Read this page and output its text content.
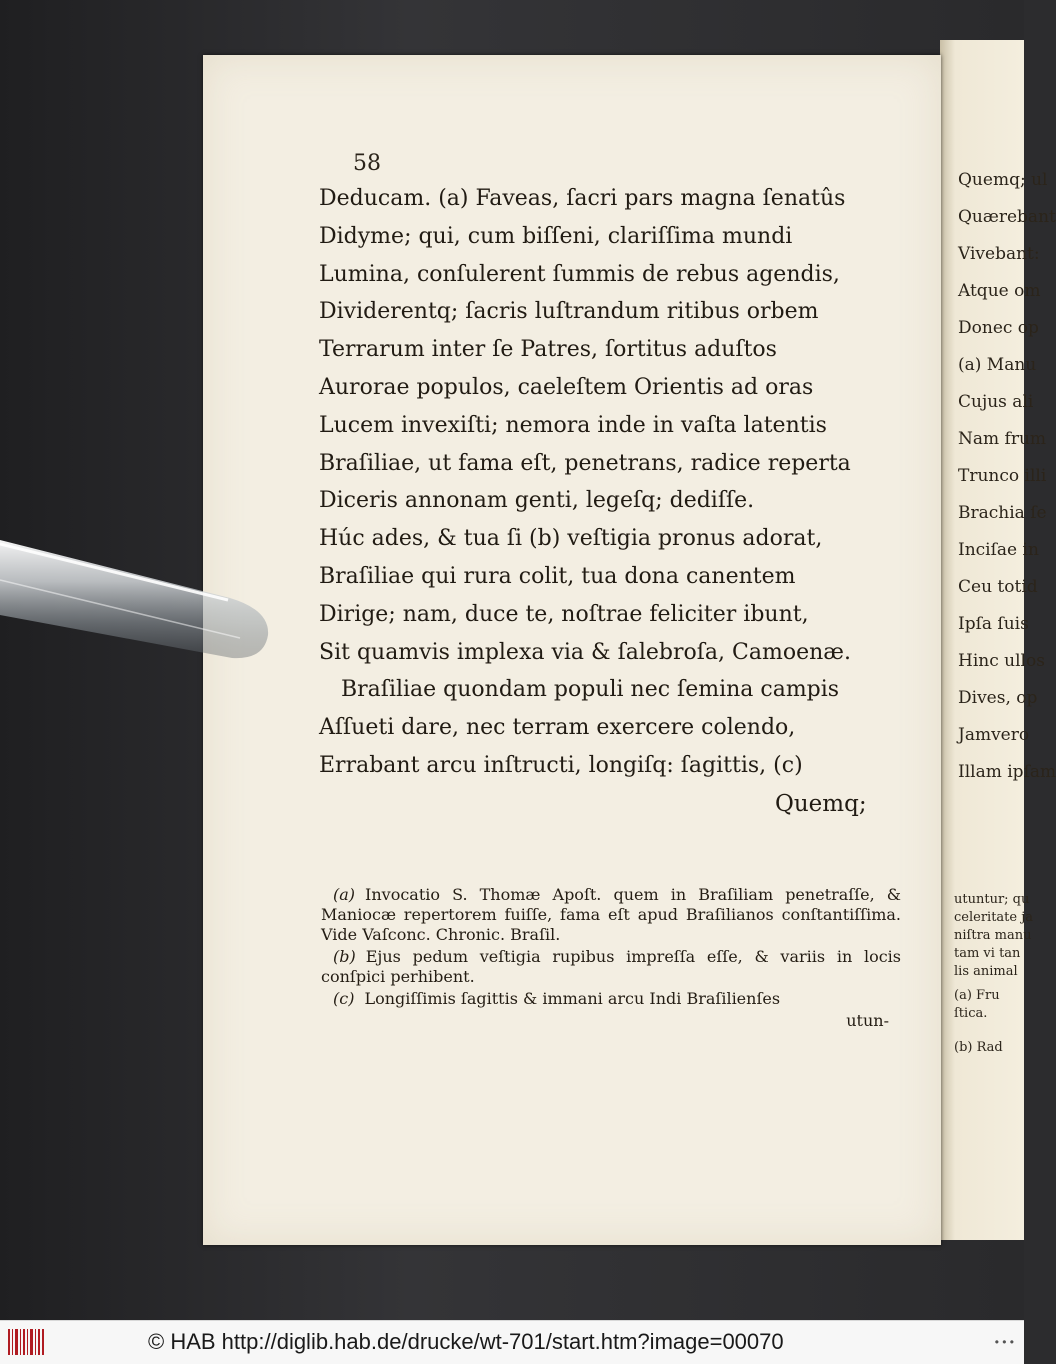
Quemq; ul
Quærebant
Vivebant:
Atque om
Donec op
(a) Manu
Cujus ali
Nam frum
Trunco illi
Brachia ſe
Inciſae in
Ceu totid
Ipſa ſuis
Hinc ullos
Dives, op
Jamvero
Illam ipſam
utuntur; qu
celeritate ja
niſtra manu
tam vi tan
lis animal
(a) Fru
ſtica.
(b) Rad
58
Deducam. (a) Faveas, ſacri pars magna ſenatûs
Didyme; qui, cum biſſeni, clariſſima mundi
Lumina, conſulerent ſummis de rebus agendis,
Dividerentq; ſacris luſtrandum ritibus orbem
Terrarum inter ſe Patres, ſortitus aduſtos
Aurorae populos, caeleſtem Orientis ad oras
Lucem invexiſti; nemora inde in vaſta latentis
Braſiliae, ut fama eſt, penetrans, radice reperta
Diceris annonam genti, legeſq; dediſſe.
Húc ades, & tua ſi (b) veſtigia pronus adorat,
Braſiliae qui rura colit, tua dona canentem
Dirige; nam, duce te, noſtrae feliciter ibunt,
Sit quamvis implexa via & ſalebroſa, Camoenæ.
Braſiliae quondam populi nec ſemina campis
Aſſueti dare, nec terram exercere colendo,
Errabant arcu inſtructi, longiſq: ſagittis, (c)
Quemq;
(a) Invocatio S. Thomæ Apoſt. quem in Braſiliam penetraſſe, & Maniocæ repertorem fuiſſe, fama eſt apud Braſilianos conſtantiſſima. Vide Vaſconc. Chronic. Braſil.
(b) Ejus pedum veſtigia rupibus impreſſa eſſe, & variis in locis conſpici perhibent.
(c) Longiſſimis ſagittis & immani arcu Indi Braſilienſes
utun-
© HAB http://diglib.hab.de/drucke/wt-701/start.htm?image=00070	• • •
